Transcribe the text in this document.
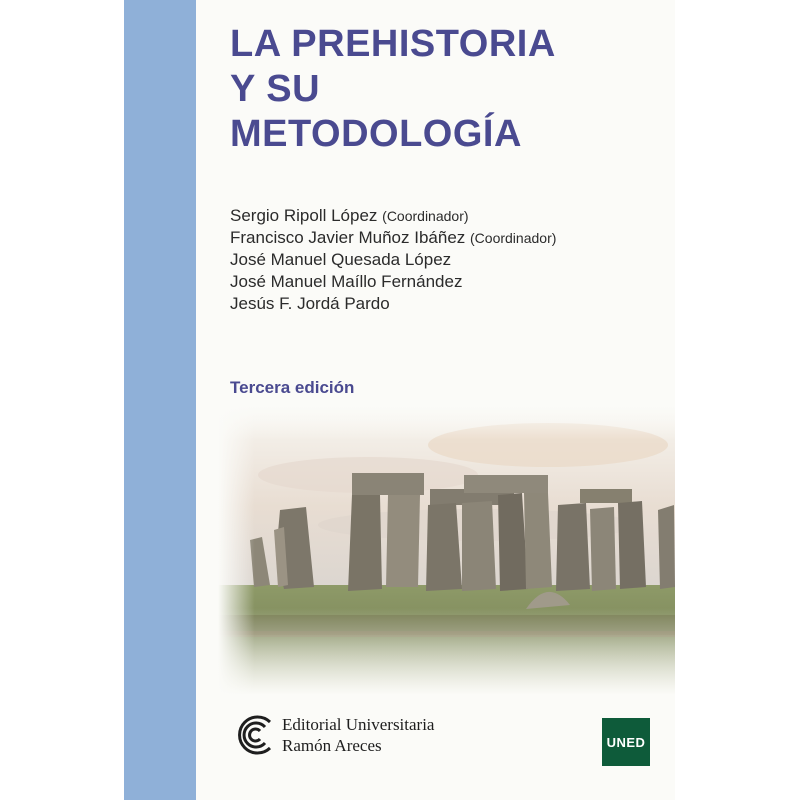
LA PREHISTORIA
Y SU
METODOLOGÍA
Sergio Ripoll López (Coordinador)
Francisco Javier Muñoz Ibáñez (Coordinador)
José Manuel Quesada López
José Manuel Maíllo Fernández
Jesús F. Jordá Pardo

Tercera edición

Editorial Universitaria
Ramón Areces	UNED
